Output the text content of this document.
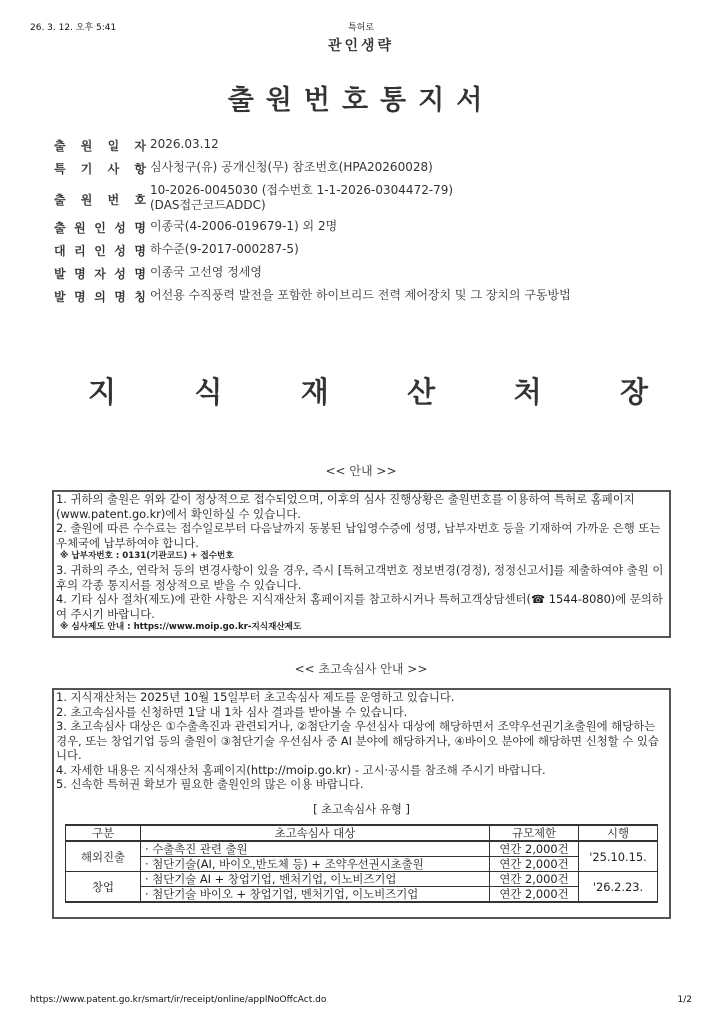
26. 3. 12. 오후 5:41	특허로
관인생략
출원번호통지서
출 원 일 자 2026.03.12
특 기 사 항 심사청구(유) 공개신청(무) 참조번호(HPA20260028)
출 원 번 호
10-2026-0045030 (접수번호 1-1-2026-0304472-79)
(DAS접근코드ADDC)
출 원 인 성 명 이종국(4-2006-019679-1) 외 2명
대 리 인 성 명 하수준(9-2017-000287-5)
발 명 자 성 명 이종국 고선영 정세영
발 명 의 명 칭 어선용 수직풍력 발전을 포함한 하이브리드 전력 제어장치 및 그 장치의 구동방법
지	식	재	산	처	장
<< 안내 >>

1. 귀하의 출원은 위와 같이 정상적으로 접수되었으며, 이후의 심사 진행상황은 출원번호를 이용하여 특허로 홈페이지(www.patent.go.kr)에서 확인하실 수 있습니다.

2. 출원에 따른 수수료는 접수일로부터 다음날까지 동봉된 납입영수증에 성명, 납부자번호 등을 기재하여 가까운 은행 또는 우체국에 납부하여야 합니다.

※ 납부자번호 : 0131(기관코드) + 접수번호

3. 귀하의 주소, 연락처 등의 변경사항이 있을 경우, 즉시 [특허고객번호 정보변경(경정), 정정신고서]를 제출하여야 출원 이후의 각종 통지서를 정상적으로 받을 수 있습니다.

4. 기타 심사 절차(제도)에 관한 사항은 지식재산처 홈페이지를 참고하시거나 특허고객상담센터(☎ 1544-8080)에 문의하여 주시기 바랍니다.

※ 심사제도 안내 : https://www.moip.go.kr-지식재산제도

<< 초고속심사 안내 >>

1. 지식재산처는 2025년 10월 15일부터 초고속심사 제도를 운영하고 있습니다.

2. 초고속심사를 신청하면 1달 내 1차 심사 결과를 받아볼 수 있습니다.

3. 초고속심사 대상은 ①수출촉진과 관련되거나, ②첨단기술 우선심사 대상에 해당하면서 조약우선권기초출원에 해당하는 경우, 또는 창업기업 등의 출원이 ③첨단기술 우선심사 중 AI 분야에 해당하거나, ④바이오 분야에 해당하면 신청할 수 있습니다.

4. 자세한 내용은 지식재산처 홈페이지(http://moip.go.kr) - 고시·공시를 참조해 주시기 바랍니다.

5. 신속한 특허권 확보가 필요한 출원인의 많은 이용 바랍니다.

[ 초고속심사 유형 ]
구분	초고속심사 대상	규모제한	시행
해외진출	· 수출촉진 관련 출원	연간 2,000건	'25.10.15.
	· 첨단기술(AI, 바이오,반도체 등) + 조약우선권시초출원	연간 2,000건	
창업	· 첨단기술 AI + 창업기업, 벤처기업, 이노비즈기업	연간 2,000건	'26.2.23.
	· 첨단기술 바이오 + 창업기업, 벤처기업, 이노비즈기업	연간 2,000건	
https://www.patent.go.kr/smart/ir/receipt/online/applNoOffcAct.do	1/2
